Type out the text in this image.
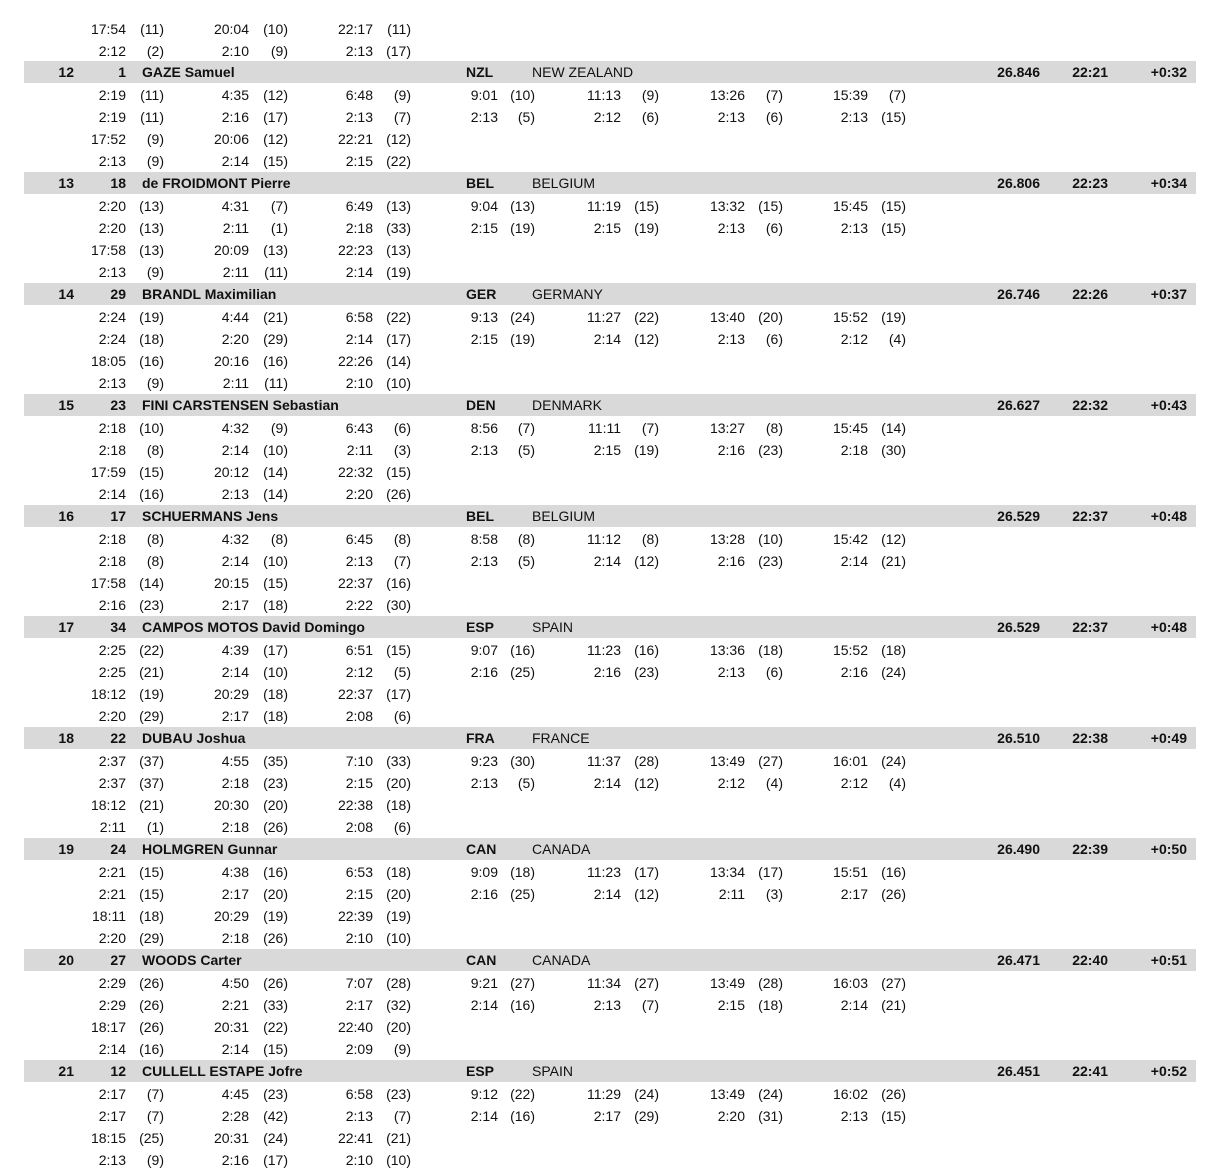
17:54	(11)	20:04	(10)	22:17	(11)
2:12	(2)	2:10	(9)	2:13 (17)
12	1 GAZE Samuel	NZL	NEW ZEALAND	26.846	22:21	+0:32
2:19	(11)	4:35	(12)	6:48	(9)	9:01 (10)	11:13	(9)	13:26	(7)	15:39	(7)
2:19	(11)	2:16	(17)	2:13	(7)	2:13	(5)	2:12	(6)	2:13	(6)	2:13 (15)
17:52	(9)	20:06	(12)	22:21 (12)
2:13	(9)	2:14	(15)	2:15 (22)
13	18 de FROIDMONT Pierre	BEL	BELGIUM	26.806	22:23	+0:34
2:20 (13)	4:31	(7)	6:49 (13)	9:04 (13)	11:19 (15)	13:32 (15)	15:45 (15)
2:20 (13)	2:11	(1)	2:18 (33)	2:15 (19)	2:15 (19)	2:13	(6)	2:13 (15)
17:58 (13)	20:09	(13)	22:23 (13)
2:13	(9)	2:11	(11)	2:14 (19)
14	29 BRANDL Maximilian	GER	GERMANY	26.746	22:26	+0:37
2:24 (19)	4:44	(21)	6:58 (22)	9:13 (24)	11:27 (22)	13:40 (20)	15:52 (19)
2:24 (18)	2:20	(29)	2:14 (17)	2:15 (19)	2:14 (12)	2:13	(6)	2:12	(4)
18:05 (16)	20:16	(16)	22:26 (14)
2:13	(9)	2:11	(11)	2:10 (10)
15	23 FINI CARSTENSEN Sebastian	DEN	DENMARK	26.627	22:32	+0:43
2:18 (10)	4:32	(9)	6:43	(6)	8:56	(7)	11:11	(7)	13:27	(8)	15:45 (14)
2:18	(8)	2:14	(10)	2:11	(3)	2:13	(5)	2:15 (19)	2:16 (23)	2:18 (30)
17:59 (15)	20:12	(14)	22:32 (15)
2:14 (16)	2:13	(14)	2:20 (26)
16	17 SCHUERMANS Jens	BEL	BELGIUM	26.529	22:37	+0:48
2:18	(8)	4:32	(8)	6:45	(8)	8:58	(8)	11:12	(8)	13:28 (10)	15:42 (12)
2:18	(8)	2:14	(10)	2:13	(7)	2:13	(5)	2:14 (12)	2:16 (23)	2:14 (21)
17:58 (14)	20:15	(15)	22:37 (16)
2:16 (23)	2:17	(18)	2:22 (30)
17	34 CAMPOS MOTOS David Domingo	ESP	SPAIN	26.529	22:37	+0:48
2:25 (22)	4:39	(17)	6:51 (15)	9:07 (16)	11:23 (16)	13:36 (18)	15:52 (18)
2:25 (21)	2:14	(10)	2:12	(5)	2:16 (25)	2:16 (23)	2:13	(6)	2:16 (24)
18:12 (19)	20:29	(18)	22:37 (17)
2:20 (29)	2:17	(18)	2:08	(6)
18	22 DUBAU Joshua	FRA	FRANCE	26.510	22:38	+0:49
2:37 (37)	4:55	(35)	7:10 (33)	9:23 (30)	11:37 (28)	13:49 (27)	16:01 (24)
2:37 (37)	2:18	(23)	2:15 (20)	2:13	(5)	2:14 (12)	2:12	(4)	2:12	(4)
18:12 (21)	20:30	(20)	22:38 (18)
2:11	(1)	2:18	(26)	2:08	(6)
19	24 HOLMGREN Gunnar	CAN	CANADA	26.490	22:39	+0:50
2:21 (15)	4:38	(16)	6:53 (18)	9:09 (18)	11:23 (17)	13:34 (17)	15:51 (16)
2:21 (15)	2:17	(20)	2:15 (20)	2:16 (25)	2:14 (12)	2:11	(3)	2:17 (26)
18:11 (18)	20:29	(19)	22:39 (19)
2:20 (29)	2:18	(26)	2:10 (10)
20	27 WOODS Carter	CAN	CANADA	26.471	22:40	+0:51
2:29 (26)	4:50	(26)	7:07 (28)	9:21 (27)	11:34 (27)	13:49 (28)	16:03 (27)
2:29 (26)	2:21	(33)	2:17 (32)	2:14 (16)	2:13	(7)	2:15 (18)	2:14 (21)
18:17 (26)	20:31	(22)	22:40 (20)
2:14 (16)	2:14	(15)	2:09	(9)
21	12 CULLELL ESTAPE Jofre	ESP	SPAIN	26.451	22:41	+0:52
2:17	(7)	4:45	(23)	6:58 (23)	9:12 (22)	11:29 (24)	13:49 (24)	16:02 (26)
2:17	(7)	2:28	(42)	2:13	(7)	2:14 (16)	2:17 (29)	2:20 (31)	2:13 (15)
18:15 (25)	20:31	(24)	22:41 (21)
2:13	(9)	2:16	(17)	2:10 (10)
